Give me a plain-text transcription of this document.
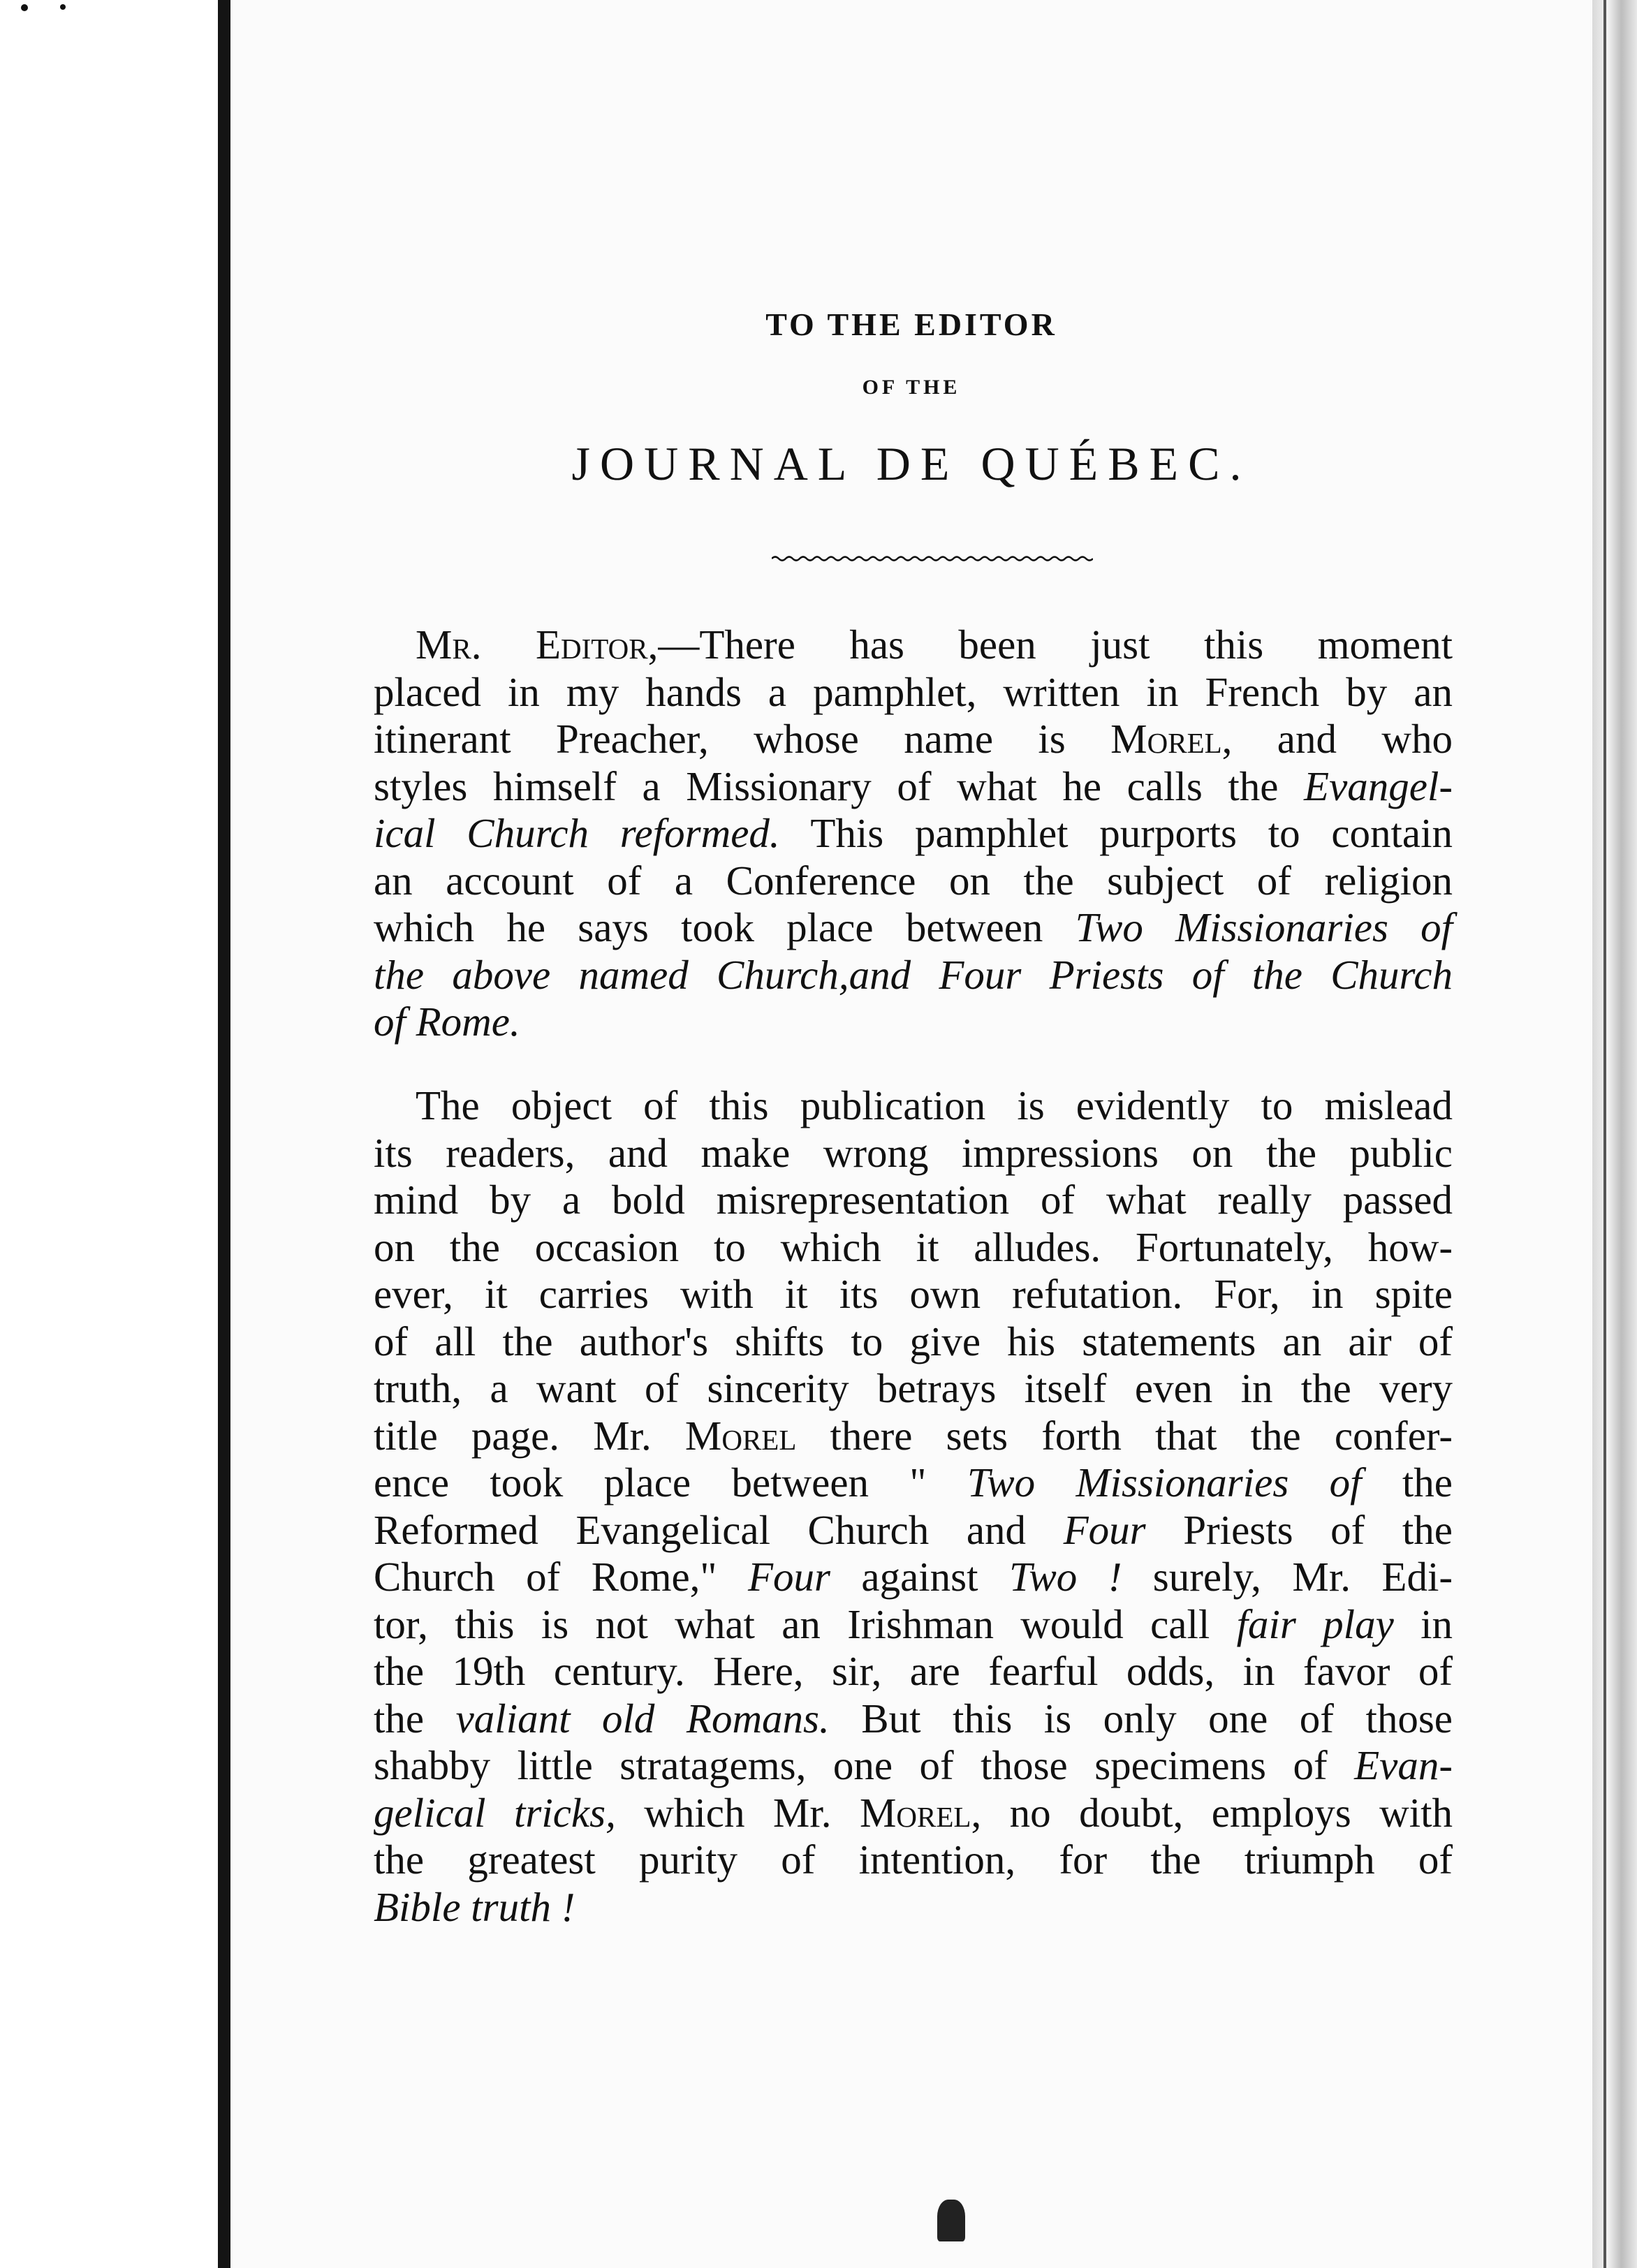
TO THE EDITOR
OF THE
JOURNAL DE QUÉBEC.
Mr. Editor,—There has been just this moment
placed in my hands a pamphlet, written in French by an
itinerant Preacher, whose name is Morel, and who
styles himself a Missionary of what he calls the Evangel-
ical Church reformed. This pamphlet purports to contain
an account of a Conference on the subject of religion
which he says took place between Two Missionaries of
the above named Church,and Four Priests of the Church
of Rome.
The object of this publication is evidently to mislead
its readers, and make wrong impressions on the public
mind by a bold misrepresentation of what really passed
on the occasion to which it alludes. Fortunately, how-
ever, it carries with it its own refutation. For, in spite
of all the author's shifts to give his statements an air of
truth, a want of sincerity betrays itself even in the very
title page. Mr. Morel there sets forth that the confer-
ence took place between " Two Missionaries of the
Reformed Evangelical Church and Four Priests of the
Church of Rome," Four against Two ! surely, Mr. Edi-
tor, this is not what an Irishman would call fair play in
the 19th century. Here, sir, are fearful odds, in favor of
the valiant old Romans. But this is only one of those
shabby little stratagems, one of those specimens of Evan-
gelical tricks, which Mr. Morel, no doubt, employs with
the greatest purity of intention, for the triumph of
Bible truth !
